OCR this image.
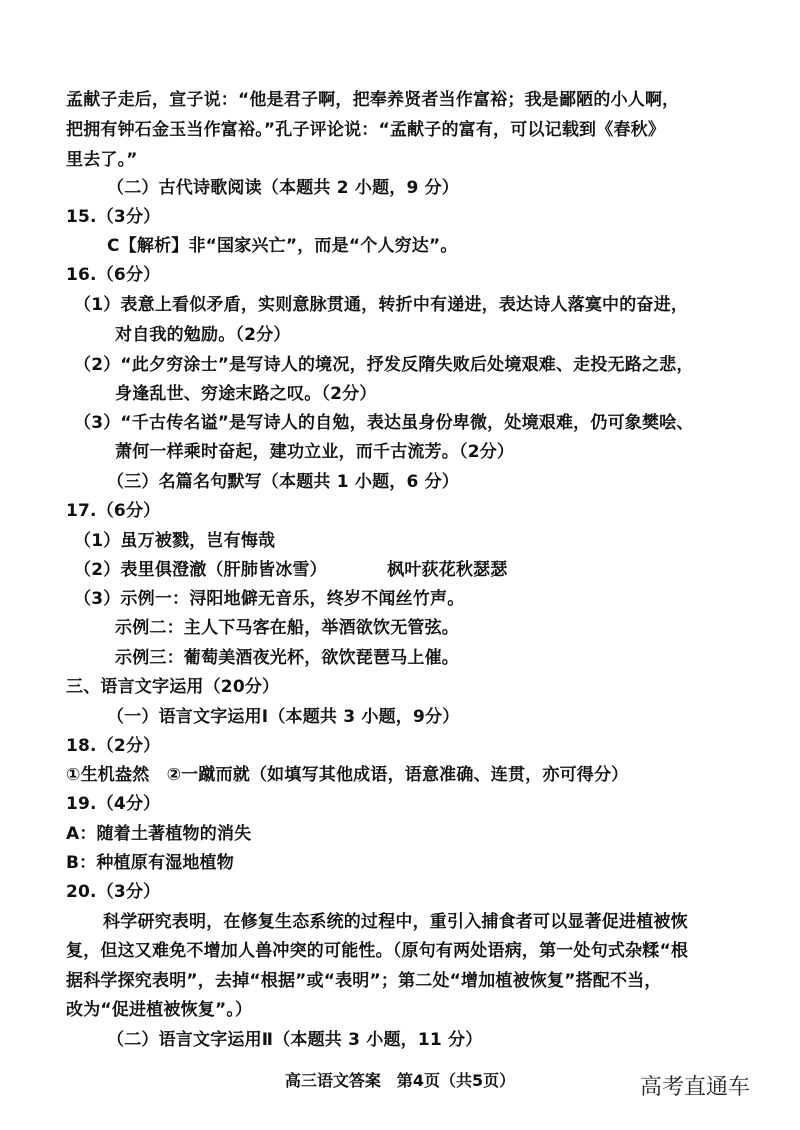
孟献子走后，宣子说：“他是君子啊，把奉养贤者当作富裕；我是鄙陋的小人啊，
把拥有钟石金玉当作富裕。”孔子评论说：“孟献子的富有，可以记载到《春秋》
里去了。”
（二）古代诗歌阅读（本题共 2 小题，9 分）
15.（3分）
C【解析】非“国家兴亡”，而是“个人穷达”。
16.（6分）
（1）表意上看似矛盾，实则意脉贯通，转折中有递进，表达诗人落寞中的奋进，
对自我的勉励。（2分）
（2）“此夕穷涂士”是写诗人的境况，抒发反隋失败后处境艰难、走投无路之悲，
身逢乱世、穷途末路之叹。（2分）
（3）“千古传名谥”是写诗人的自勉，表达虽身份卑微，处境艰难，仍可象樊哙、
萧何一样乘时奋起，建功立业，而千古流芳。（2分）
（三）名篇名句默写（本题共 1 小题，6 分）
17.（6分）
（1）虽万被戮，岂有悔哉
（2）表里俱澄澈（肝肺皆冰雪）　　　　枫叶荻花秋瑟瑟
（3）示例一：浔阳地僻无音乐，终岁不闻丝竹声。
示例二：主人下马客在船，举酒欲饮无管弦。
示例三：葡萄美酒夜光杯，欲饮琵琶马上催。
三、语言文字运用（20分）
（一）语言文字运用Ⅰ（本题共 3 小题，9分）
18.（2分）
①生机盎然　②一蹴而就（如填写其他成语，语意准确、连贯，亦可得分）
19.（4分）
A：随着土著植物的消失
B：种植原有湿地植物
20.（3分）
科学研究表明，在修复生态系统的过程中，重引入捕食者可以显著促进植被恢
复，但这又难免不增加人兽冲突的可能性。（原句有两处语病，第一处句式杂糅“根
据科学探究表明”，去掉“根据”或“表明”；第二处“增加植被恢复”搭配不当，
改为“促进植被恢复”。）
（二）语言文字运用Ⅱ（本题共 3 小题，11 分）
高三语文答案　第4页（共5页）	高考直通车
